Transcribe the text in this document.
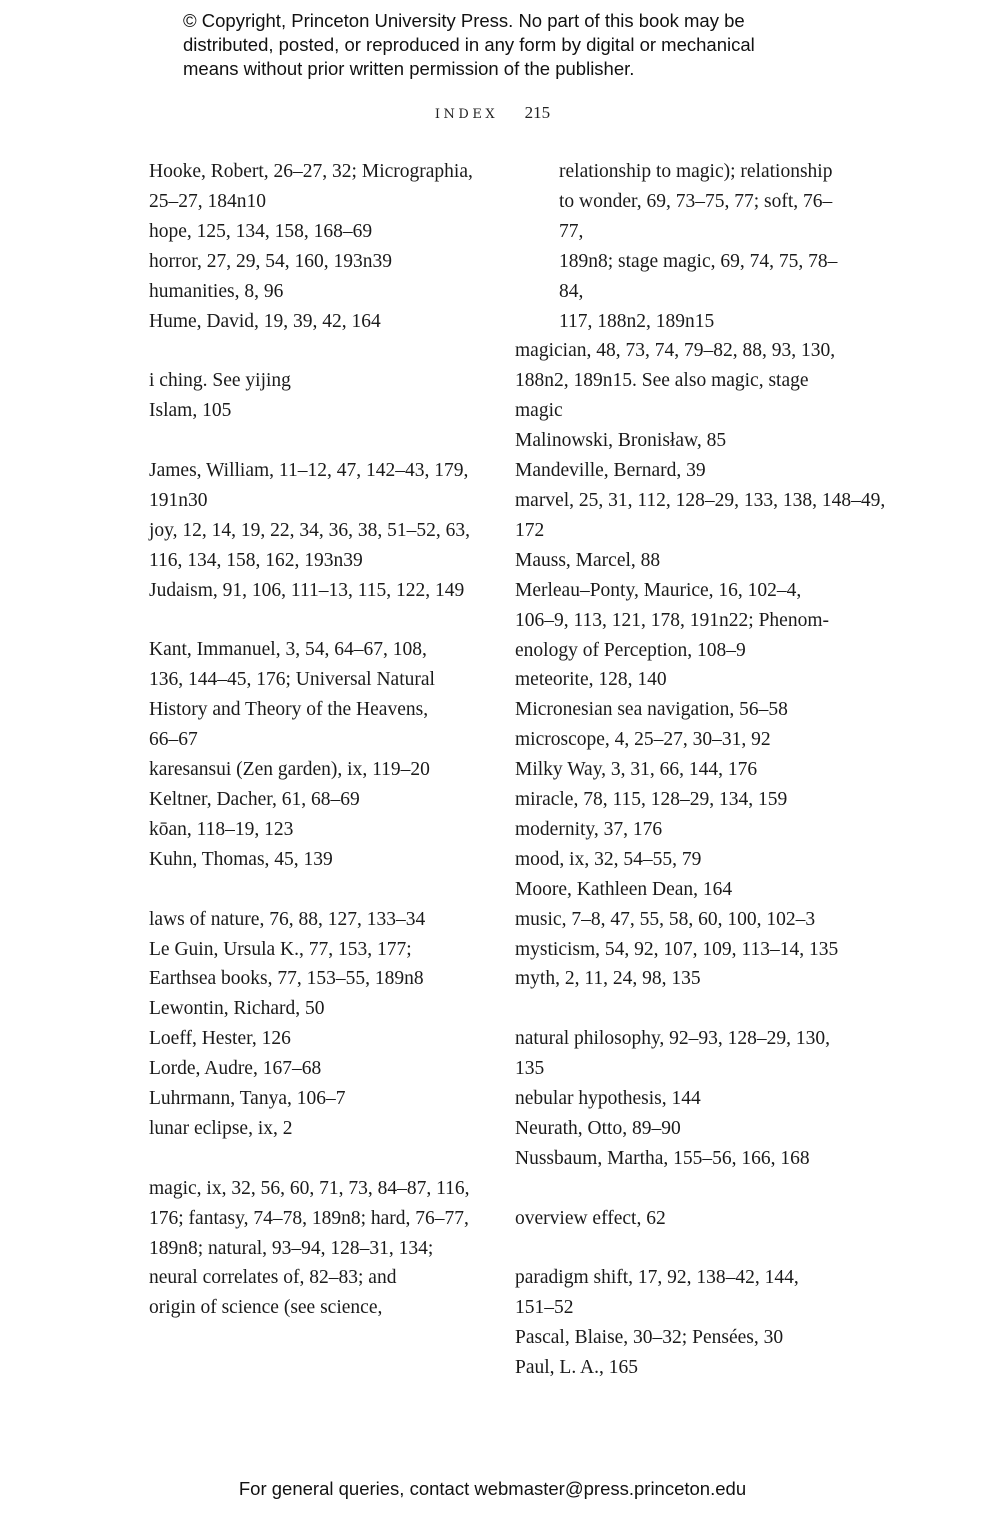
© Copyright, Princeton University Press. No part of this book may be
distributed, posted, or reproduced in any form by digital or mechanical
means without prior written permission of the publisher.
INDEX 215
Hooke, Robert, 26–27, 32; Micrographia,
25–27, 184n10
hope, 125, 134, 158, 168–69
horror, 27, 29, 54, 160, 193n39
humanities, 8, 96
Hume, David, 19, 39, 42, 164
i ching. See yijing
Islam, 105
James, William, 11–12, 47, 142–43, 179,
191n30
joy, 12, 14, 19, 22, 34, 36, 38, 51–52, 63,
116, 134, 158, 162, 193n39
Judaism, 91, 106, 111–13, 115, 122, 149
Kant, Immanuel, 3, 54, 64–67, 108,
136, 144–45, 176; Universal Natural
History and Theory of the Heavens,
66–67
karesansui (Zen garden), ix, 119–20
Keltner, Dacher, 61, 68–69
kōan, 118–19, 123
Kuhn, Thomas, 45, 139
laws of nature, 76, 88, 127, 133–34
Le Guin, Ursula K., 77, 153, 177;
Earthsea books, 77, 153–55, 189n8
Lewontin, Richard, 50
Loeff, Hester, 126
Lorde, Audre, 167–68
Luhrmann, Tanya, 106–7
lunar eclipse, ix, 2
magic, ix, 32, 56, 60, 71, 73, 84–87, 116,
176; fantasy, 74–78, 189n8; hard, 76–77,
189n8; natural, 93–94, 128–31, 134;
neural correlates of, 82–83; and
origin of science (see science,
relationship to magic); relationship
to wonder, 69, 73–75, 77; soft, 76–77,
189n8; stage magic, 69, 74, 75, 78–84,
117, 188n2, 189n15
magician, 48, 73, 74, 79–82, 88, 93, 130,
188n2, 189n15. See also magic, stage
magic
Malinowski, Bronisław, 85
Mandeville, Bernard, 39
marvel, 25, 31, 112, 128–29, 133, 138, 148–49,
172
Mauss, Marcel, 88
Merleau–Ponty, Maurice, 16, 102–4,
106–9, 113, 121, 178, 191n22; Phenom-
enology of Perception, 108–9
meteorite, 128, 140
Micronesian sea navigation, 56–58
microscope, 4, 25–27, 30–31, 92
Milky Way, 3, 31, 66, 144, 176
miracle, 78, 115, 128–29, 134, 159
modernity, 37, 176
mood, ix, 32, 54–55, 79
Moore, Kathleen Dean, 164
music, 7–8, 47, 55, 58, 60, 100, 102–3
mysticism, 54, 92, 107, 109, 113–14, 135
myth, 2, 11, 24, 98, 135
natural philosophy, 92–93, 128–29, 130,
135
nebular hypothesis, 144
Neurath, Otto, 89–90
Nussbaum, Martha, 155–56, 166, 168
overview effect, 62
paradigm shift, 17, 92, 138–42, 144,
151–52
Pascal, Blaise, 30–32; Pensées, 30
Paul, L. A., 165
For general queries, contact webmaster@press.princeton.edu
